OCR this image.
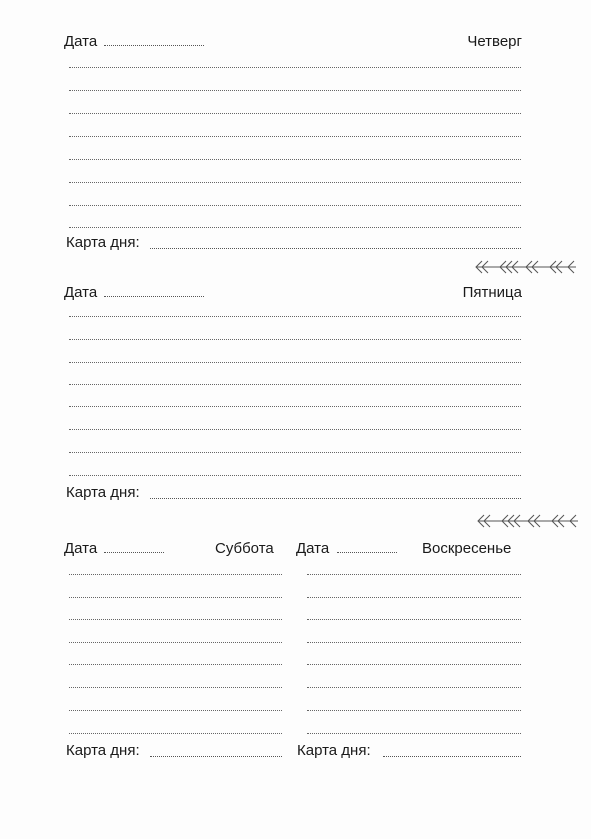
Дата	Четверг
Карта дня:
Дата	Пятница
Карта дня:
Дата	Суббота
Карта дня:
Дата	Воскресенье
Карта дня:
